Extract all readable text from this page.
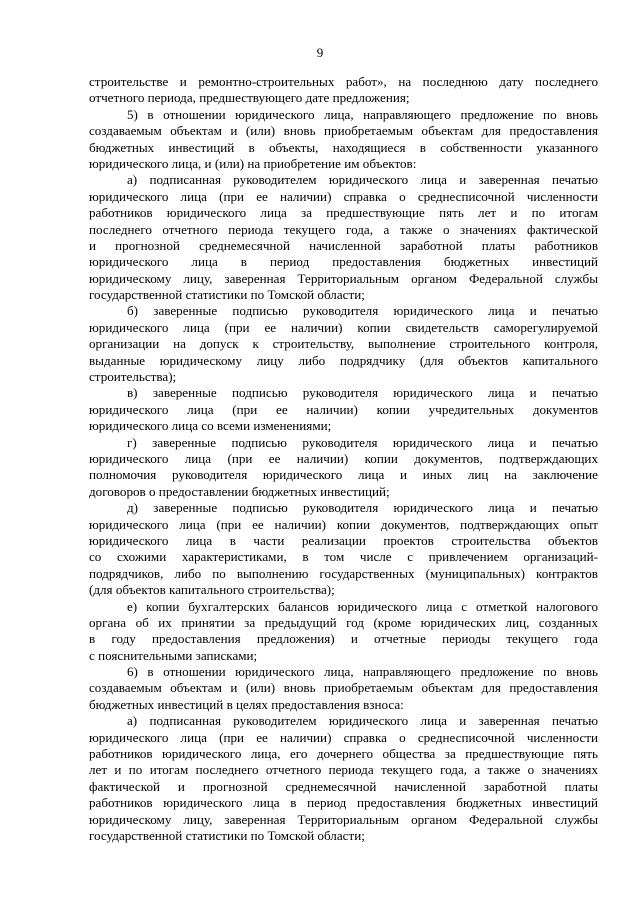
9
строительстве и ремонтно-строительных работ», на последнюю дату последнего
отчетного периода, предшествующего дате предложения;
5) в отношении юридического лица, направляющего предложение по вновь
создаваемым объектам и (или) вновь приобретаемым объектам для предоставления
бюджетных инвестиций в объекты, находящиеся в собственности указанного
юридического лица, и (или) на приобретение им объектов:
а) подписанная руководителем юридического лица и заверенная печатью
юридического лица (при ее наличии) справка о среднесписочной численности
работников юридического лица за предшествующие пять лет и по итогам
последнего отчетного периода текущего года, а также о значениях фактической
и прогнозной среднемесячной начисленной заработной платы работников
юридического лица в период предоставления бюджетных инвестиций
юридическому лицу, заверенная Территориальным органом Федеральной службы
государственной статистики по Томской области;
б) заверенные подписью руководителя юридического лица и печатью
юридического лица (при ее наличии) копии свидетельств саморегулируемой
организации на допуск к строительству, выполнение строительного контроля,
выданные юридическому лицу либо подрядчику (для объектов капитального
строительства);
в) заверенные подписью руководителя юридического лица и печатью
юридического лица (при ее наличии) копии учредительных документов
юридического лица со всеми изменениями;
г) заверенные подписью руководителя юридического лица и печатью
юридического лица (при ее наличии) копии документов, подтверждающих
полномочия руководителя юридического лица и иных лиц на заключение
договоров о предоставлении бюджетных инвестиций;
д) заверенные подписью руководителя юридического лица и печатью
юридического лица (при ее наличии) копии документов, подтверждающих опыт
юридического лица в части реализации проектов строительства объектов
со схожими характеристиками, в том числе с привлечением организаций-
подрядчиков, либо по выполнению государственных (муниципальных) контрактов
(для объектов капитального строительства);
е) копии бухгалтерских балансов юридического лица с отметкой налогового
органа об их принятии за предыдущий год (кроме юридических лиц, созданных
в году предоставления предложения) и отчетные периоды текущего года
с пояснительными записками;
6) в отношении юридического лица, направляющего предложение по вновь
создаваемым объектам и (или) вновь приобретаемым объектам для предоставления
бюджетных инвестиций в целях предоставления взноса:
а) подписанная руководителем юридического лица и заверенная печатью
юридического лица (при ее наличии) справка о среднесписочной численности
работников юридического лица, его дочернего общества за предшествующие пять
лет и по итогам последнего отчетного периода текущего года, а также о значениях
фактической и прогнозной среднемесячной начисленной заработной платы
работников юридического лица в период предоставления бюджетных инвестиций
юридическому лицу, заверенная Территориальным органом Федеральной службы
государственной статистики по Томской области;
